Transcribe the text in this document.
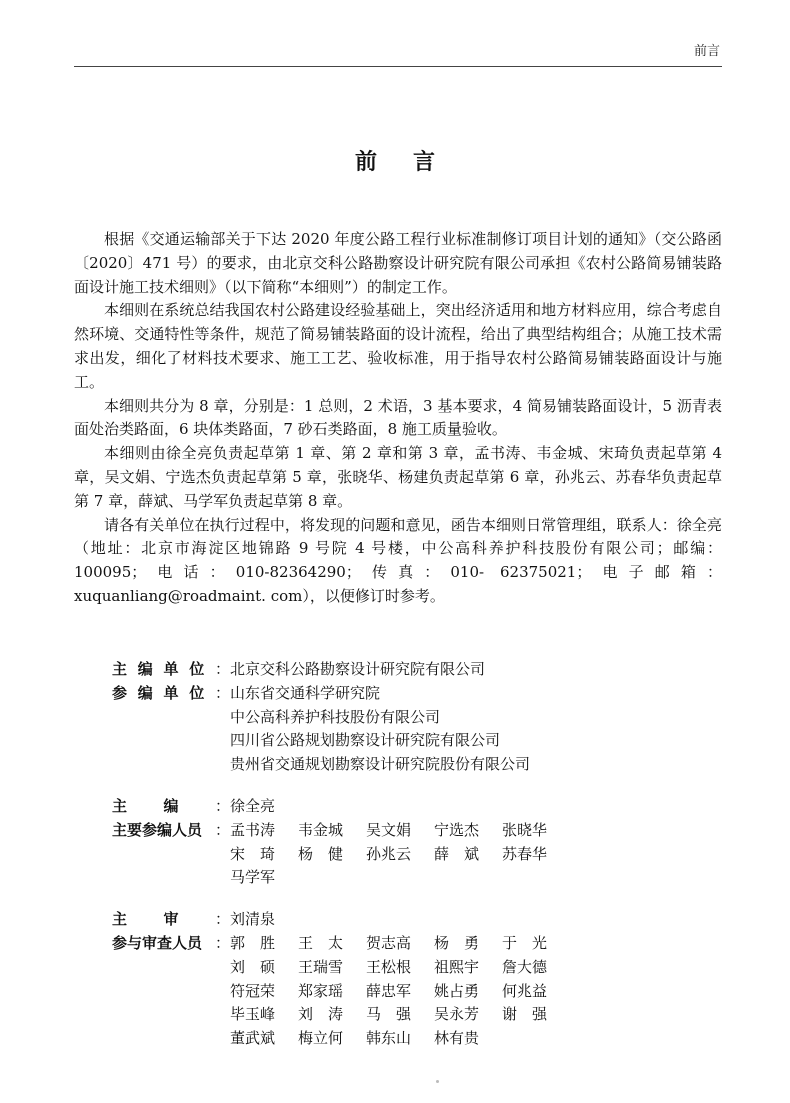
前言
前言

根据《交通运输部关于下达 2020 年度公路工程行业标准制修订项目计划的通知》（交公路函〔2020〕471 号）的要求，由北京交科公路勘察设计研究院有限公司承担《农村公路简易铺装路面设计施工技术细则》（以下简称“本细则”）的制定工作。

本细则在系统总结我国农村公路建设经验基础上，突出经济适用和地方材料应用，综合考虑自然环境、交通特性等条件，规范了简易铺装路面的设计流程，给出了典型结构组合；从施工技术需求出发，细化了材料技术要求、施工工艺、验收标准，用于指导农村公路简易铺装路面设计与施工。

本细则共分为 8 章，分别是：1 总则，2 术语，3 基本要求，4 简易铺装路面设计，5 沥青表面处治类路面，6 块体类路面，7 砂石类路面，8 施工质量验收。

本细则由徐全亮负责起草第 1 章、第 2 章和第 3 章，孟书涛、韦金城、宋琦负责起草第 4 章，吴文娟、宁选杰负责起草第 5 章，张晓华、杨建负责起草第 6 章，孙兆云、苏春华负责起草第 7 章，薛斌、马学军负责起草第 8 章。

请各有关单位在执行过程中，将发现的问题和意见，函告本细则日常管理组，联系人：徐全亮（地址：北京市海淀区地锦路 9 号院 4 号楼，中公高科养护科技股份有限公司；邮编：100095；电话：010-82364290；传真：010- 62375021；电子邮箱：xuquanliang@roadmaint. com），以便修订时参考。

主 编 单 位 ： 北京交科公路勘察设计研究院有限公司
参 编 单 位 ： 山东省交通科学研究院
中公高科养护科技股份有限公司
四川省公路规划勘察设计研究院有限公司
贵州省交通规划勘察设计研究院股份有限公司
主 编 ： 徐全亮
主要参编人员 ： 孟书涛	韦金城	吴文娟	宁选杰	张晓华
宋　琦	杨　健	孙兆云	薛　斌	苏春华
马学军
主 审 ： 刘清泉
参与审查人员 ： 郭　胜	王　太	贺志高	杨　勇	于　光
刘　硕	王瑞雪	王松根	祖熙宇	詹大德
符冠荣	郑家瑶	薛忠军	姚占勇	何兆益
毕玉峰	刘　涛	马　强	吴永芳	谢　强
董武斌	梅立何	韩东山	林有贵
